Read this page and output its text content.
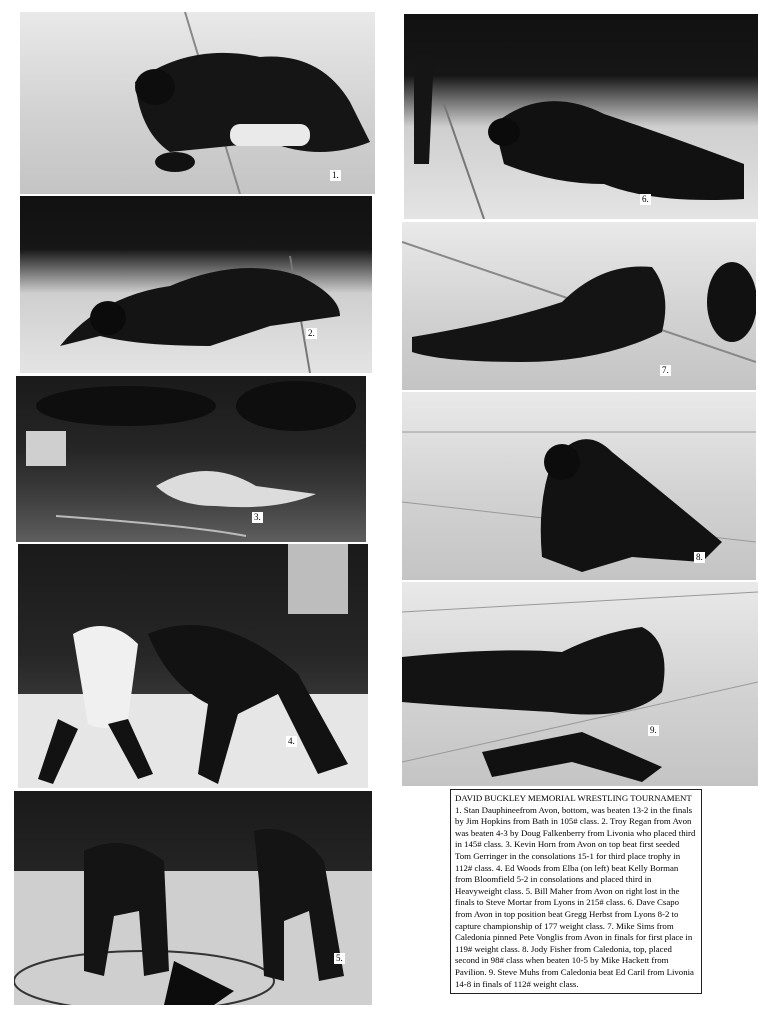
1.
2.
3.
4.
5.
6.
7.
8.
9.
DAVID BUCKLEY MEMORIAL WRESTLING TOURNAMENT 1. Stan Dauphineefrom Avon, bottom, was beaten 13-2 in the finals by Jim Hopkins from Bath in 105# class. 2. Troy Regan from Avon was beaten 4-3 by Doug Falkenberry from Livonia who placed third in 145# class. 3. Kevin Horn from Avon on top beat first seeded Tom Gerringer in the consolations 15-1 for third place trophy in 112# class. 4. Ed Woods from Elba (on left) beat Kelly Borman from Bloomfield 5-2 in consolations and placed third in Heavyweight class. 5. Bill Maher from Avon on right lost in the finals to Steve Mortar from Lyons in 215# class. 6. Dave Csapo from Avon in top position beat Gregg Herbst from Lyons 8-2 to capture championship of 177 weight class. 7. Mike Sims from Caledonia pinned Pete Vonglis from Avon in finals for first place in 119# weight class. 8. Jody Fisher from Caledonia, top, placed second in 98# class when beaten 10-5 by Mike Hackett from Pavilion. 9. Steve Muhs from Caledonia beat Ed Caril from Livonia 14-8 in finals of 112# weight class.
